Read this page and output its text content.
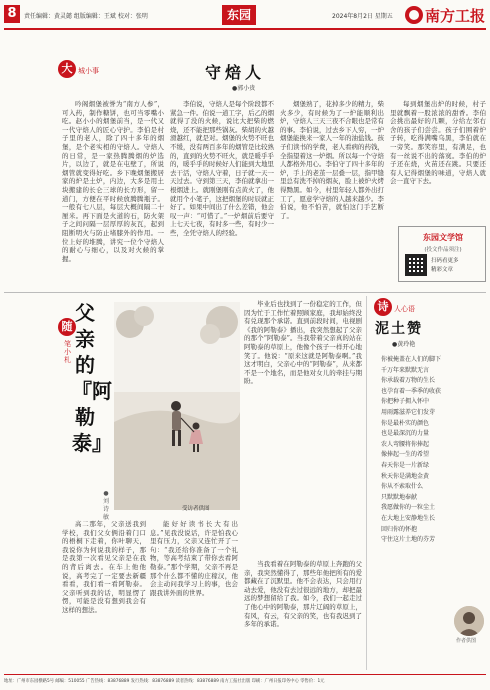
8	责任编辑：黄灵懿 组版编辑：王斌 校对：张明	东园	2024年8月2日 星期五 南方工报
大 城小事	守焙人
●郭小贵
吟阁烟堡被誉为“南方人参”，可入药，制作糖饼，也可当零嘴小吃。赵小小的烟堡前当，是一代又一代守焙人的匠心守护。李伯是村子里的老人，除了四十多年的烟堡，是个老实相的守焙人。守焙人的日常，是一家热腾腾烟的炉选片，以边了，就是在屯壁了，所说烟管就变得好吃。乡下晚烟堡搬居家的炉是土炉，内边，大多是用土块搬建的长仑三球的长方形，留一道门，方便在平时候放腾腾瓶子。一般有七八层，每层大概间隔二十厘米。再下面是火道的石，防火架子之间问隔一层厚厚的灰瓦，起到阻断明火与防止堵膝外的作用。一位上好的堆腾，讲究一位个守焙人的耐心与细心，以及对火候的掌握。
李伯说，守焙人是每个阶段都不紧急一件。伯说一道工字，后乙的烟就得了没的火候，说比大把柴的燃烧，还不能把那些锅灰。柴胡的火越滑越红，就是对。烟堡的火势不旺也不缓，没有两百多年的烟管是比较熟的，直到的火势不旺火，就是暖乎乎的，暖乎乎的时候好人们能到大地里去干活，守焙人守着，日子就一天一天过去。守到第三天，李伯就拿出一根烟进上。就刚堡刚有点黄火了，他就用个小笔子，这把烟堡的时辰就正好了。如果中间出了什么差错，他会叹一声：“可惜了。”一炉烟前后要守上七天七夜，有时多一些，有时少一些，全凭守焙人的经验。
烟堡熟了，花掉多少的精力，柴火多少，有时候为了一炉能顺利出炉，守焙人三天三夜不合眼也是常有的事。李伯说，过去乡下人穷，一炉烟堡能换来一家人一年的油盐钱。孩子们读书的学费，老人看病的药钱，全指望着这一炉烟。所以每一个守焙人都格外用心。李伯守了四十多年的炉，手上的老茧一层叠一层，指甲缝里总有洗不掉的烟灰，脸上被炉火烤得黝黑。如今，村里年轻人都外出打工了，愿意学守焙的人越来越少。李伯说，他不怕苦，就怕这门手艺断了。
每到烟堡出炉的时候，村子里就飘着一股浓浓的甜香。李伯会挑出最好的几颗，分给左邻右舍的孩子们尝尝。孩子们围着炉子转，吃得满嘴乌黑，李伯就在一旁笑。那笑容里，有满足，也有一丝说不出的落寞。李伯的炉子还在烧，火苗还在跳。只要还有人记得烟堡的味道，守焙人就会一直守下去。
东园文学馆
(投文作品须注)
扫码看更多
精彩文章
随
笔小札
父亲的『阿勒泰』
●刘诗敏
受访者供图
高二那年，父亲送我到学校，我们父女俩沿着门口的梧桐下走着，你叶聊天，我说你为何说我的样子，那是我第一次看见父亲是在我的背后离去。在车上他他说，高考完了一定要去新疆看看，我们看一看阿勒泰。父亲听到我的话，明显愣了愣，可能是没有想到我会有这样的想法。
能好好读书长大有出息。”见我没说话，许是怕我心里有压力，父亲又连忙开了一句：“我还给你准备了一个礼物，等高考结束了带你去看阿勒泰。”那个学期，父亲不再是那个什么都不懂的庄稼汉，他会主动问我学习上的事，也会跟我讲外面的世界。
毕业后也找到了一份稳定的工作，但因为忙于工作忙着照顾家庭，我却始终没有兑现那个承诺。直到前段时间，电视剧《我的阿勒泰》播出，我突然想起了父亲的那个“阿勒泰”。当我带着父亲真的站在阿勒泰的草原上，他像个孩子一样开心地笑了。他说：“原来这就是阿勒泰啊。”我这才明白，父亲心中的“阿勒泰”，从来都不是一个地名，而是他对女儿的牵挂与期盼。
当我看着在阿勒泰的草原上奔跑的父亲，我突然懂得了，那些年他把所有的爱都藏在了沉默里。他不会表达，只会用行动去爱，他没有去过很远的地方，却把最远的梦想留给了我。如今，我们一起走过了他心中的阿勒泰，那片辽阔的草原上，有风，有云，有父亲的笑，也有我迟到了多年的承诺。
诗 人心语
泥土赞
●黄玲艳
你被掩盖在人们的脚下
千万年来默默无言
你承载着万物的生长
也孕育着一季季的收获
你把种子拥入怀中
用雨露滋养它们发芽
你是最朴实的颜色
也是最深沉的力量
农人弯腰将你捧起
像捧起一生的希望
春天你是一片新绿
秋天你是满地金黄
你从不索取什么
只默默地奉献
我愿做你的一粒尘土
在大地上安静地生长
回归你的怀抱
守住这片土地的芬芳
作者供图
地址：广州市东园横路5号 邮编：510055 广告热线：83876889 发行热线：83876889 读者热线：83876889 南方工报社出版 印刷：广州日报印务中心 零售价：1元
